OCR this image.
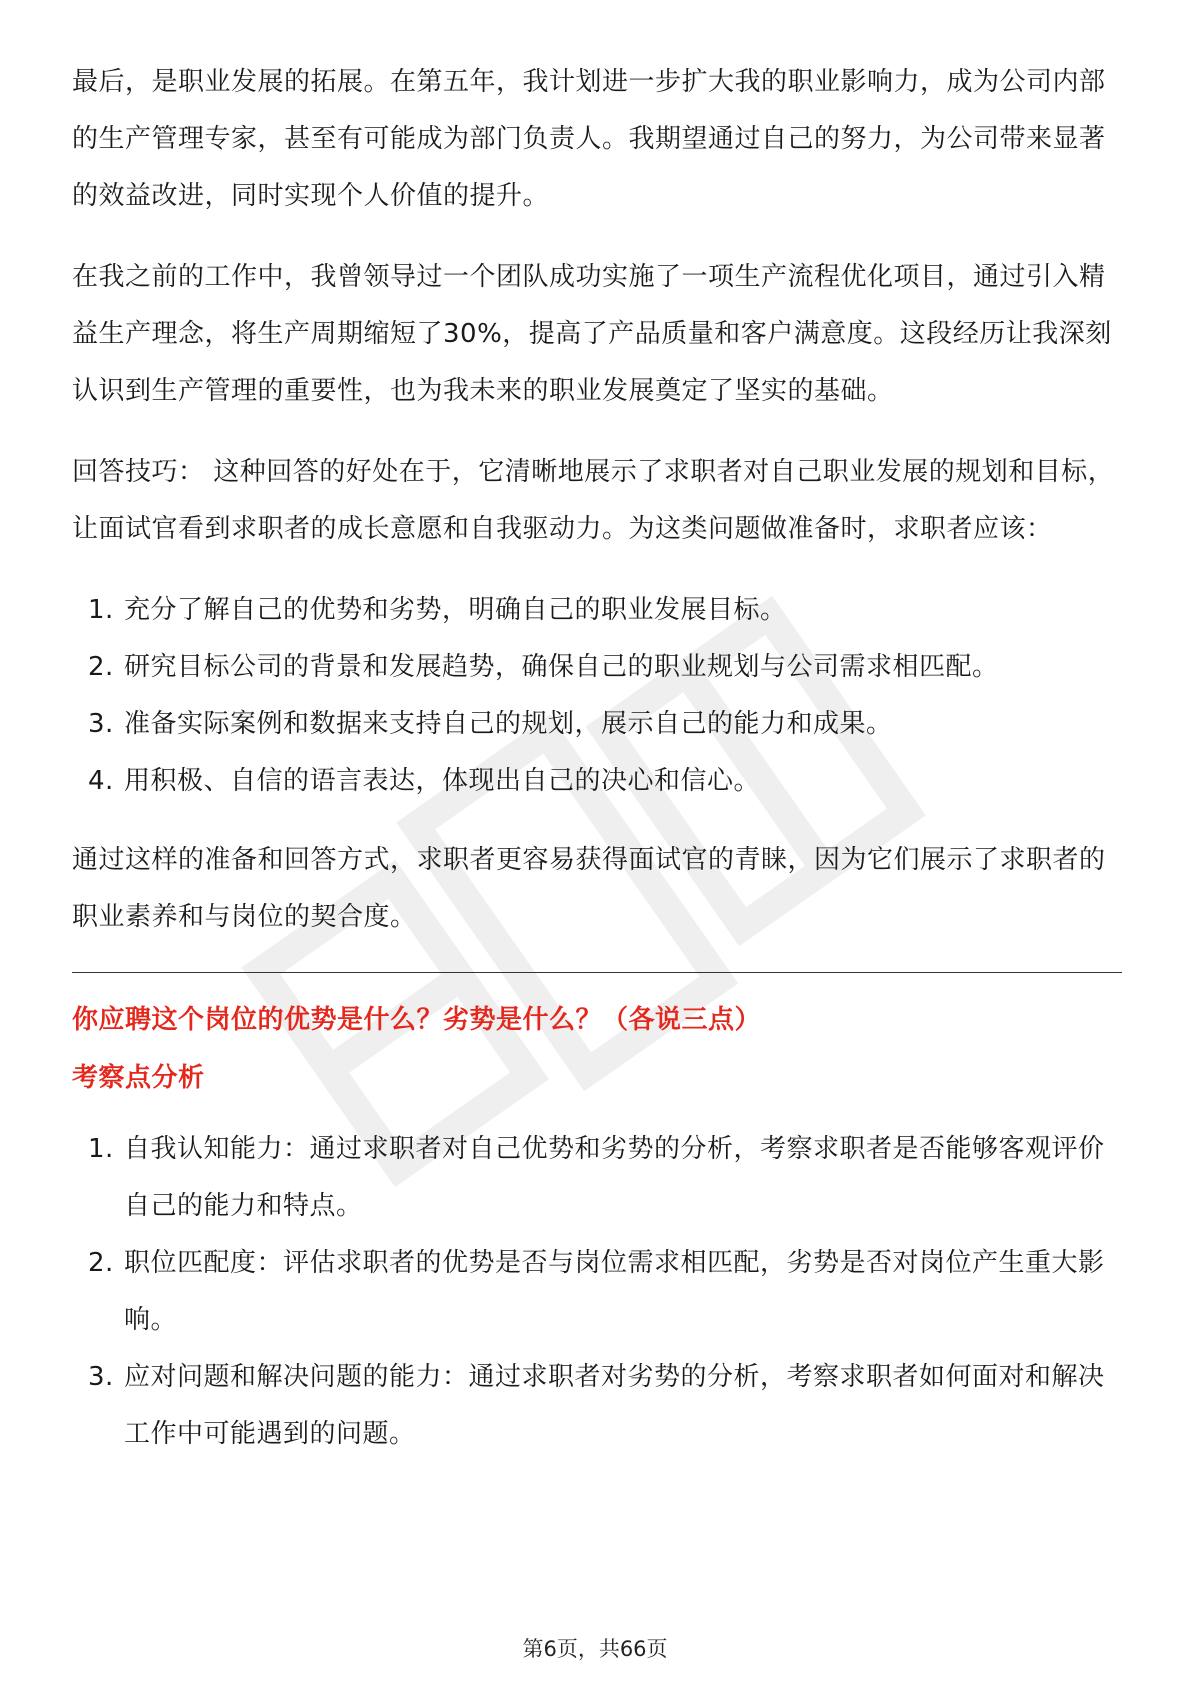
最后，是职业发展的拓展。在第五年，我计划进一步扩大我的职业影响力，成为公司内部的生产管理专家，甚至有可能成为部门负责人。我期望通过自己的努力，为公司带来显著的效益改进，同时实现个人价值的提升。

在我之前的工作中，我曾领导过一个团队成功实施了一项生产流程优化项目，通过引入精益生产理念，将生产周期缩短了30%，提高了产品质量和客户满意度。这段经历让我深刻认识到生产管理的重要性，也为我未来的职业发展奠定了坚实的基础。

回答技巧： 这种回答的好处在于，它清晰地展示了求职者对自己职业发展的规划和目标，让面试官看到求职者的成长意愿和自我驱动力。为这类问题做准备时，求职者应该：

1. 充分了解自己的优势和劣势，明确自己的职业发展目标。
2. 研究目标公司的背景和发展趋势，确保自己的职业规划与公司需求相匹配。
3. 准备实际案例和数据来支持自己的规划，展示自己的能力和成果。
4. 用积极、自信的语言表达，体现出自己的决心和信心。

通过这样的准备和回答方式，求职者更容易获得面试官的青睐，因为它们展示了求职者的职业素养和与岗位的契合度。

你应聘这个岗位的优势是什么？劣势是什么？（各说三点）
考察点分析
1. 自我认知能力：通过求职者对自己优势和劣势的分析，考察求职者是否能够客观评价自己的能力和特点。
2. 职位匹配度：评估求职者的优势是否与岗位需求相匹配，劣势是否对岗位产生重大影响。
3. 应对问题和解决问题的能力：通过求职者对劣势的分析，考察求职者如何面对和解决工作中可能遇到的问题。
第6页，共66页
